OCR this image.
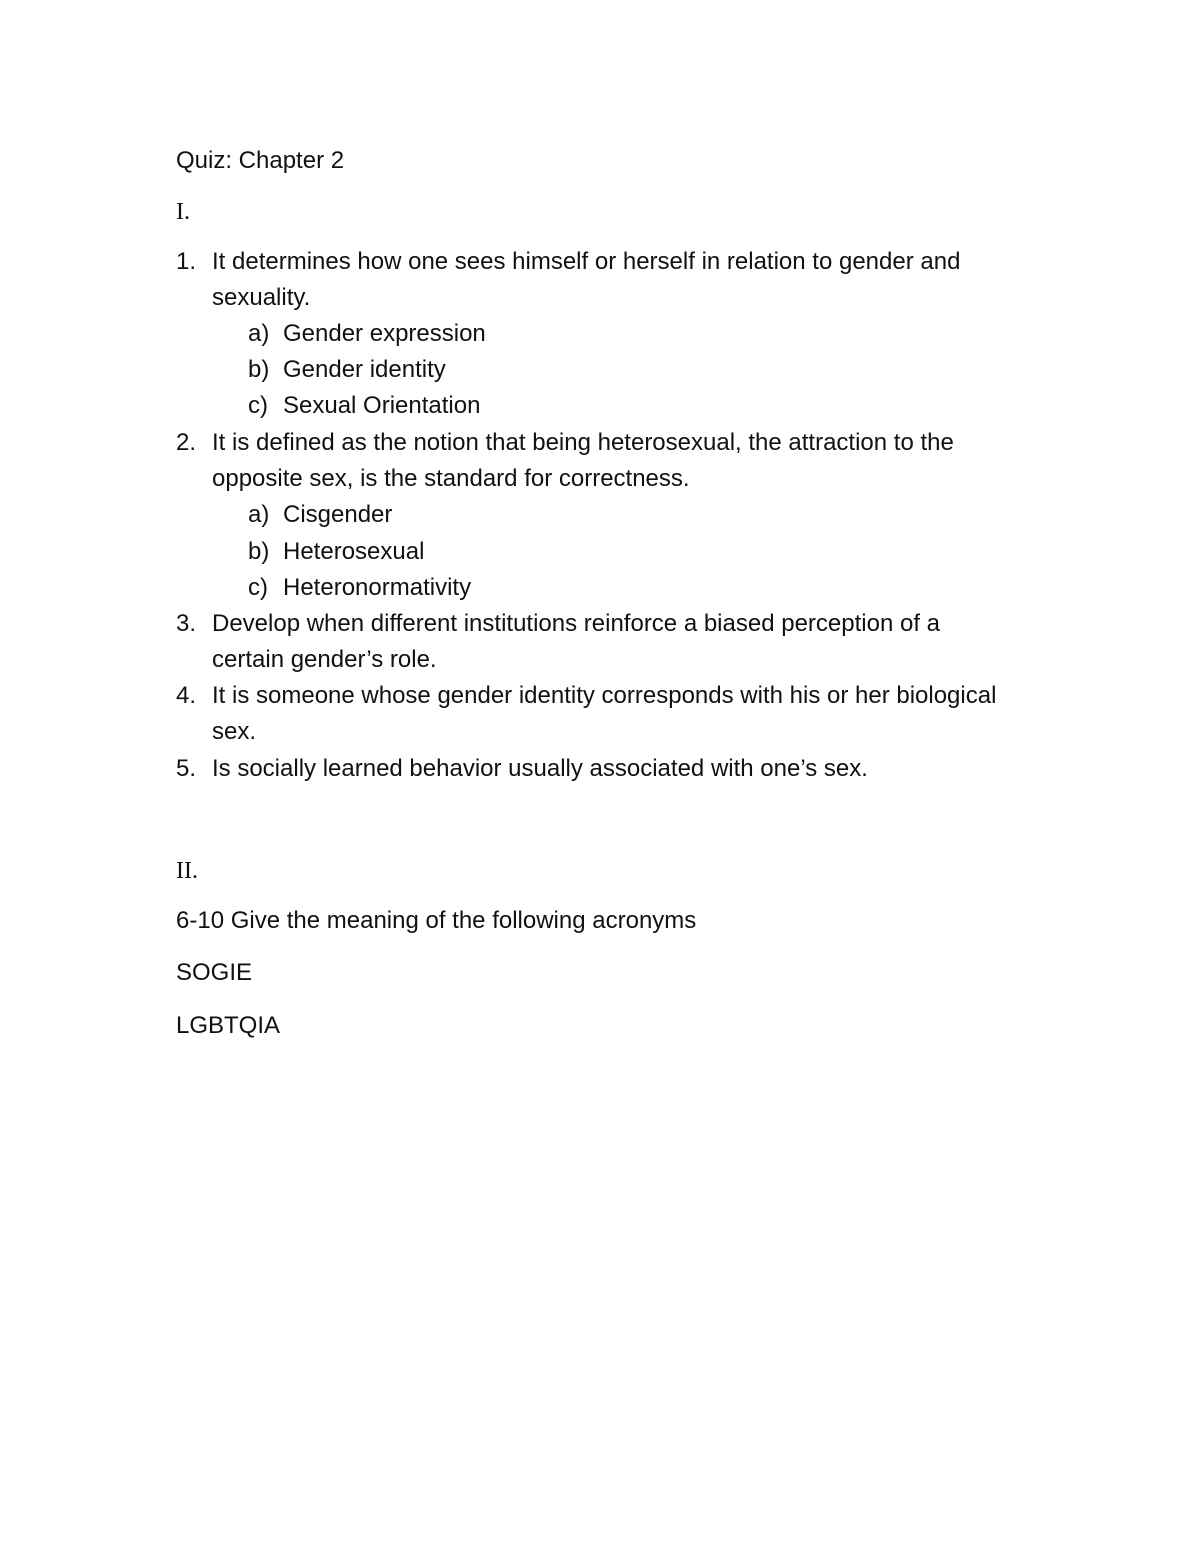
Quiz: Chapter 2
I.
1. It determines how one sees himself or herself in relation to gender and
sexuality.
a) Gender expression
b) Gender identity
c) Sexual Orientation
2. It is defined as the notion that being heterosexual, the attraction to the
opposite sex, is the standard for correctness.
a) Cisgender
b) Heterosexual
c) Heteronormativity
3. Develop when different institutions reinforce a biased perception of a
certain gender’s role.
4. It is someone whose gender identity corresponds with his or her biological
sex.
5. Is socially learned behavior usually associated with one’s sex.
II.
6-10 Give the meaning of the following acronyms
SOGIE
LGBTQIA
